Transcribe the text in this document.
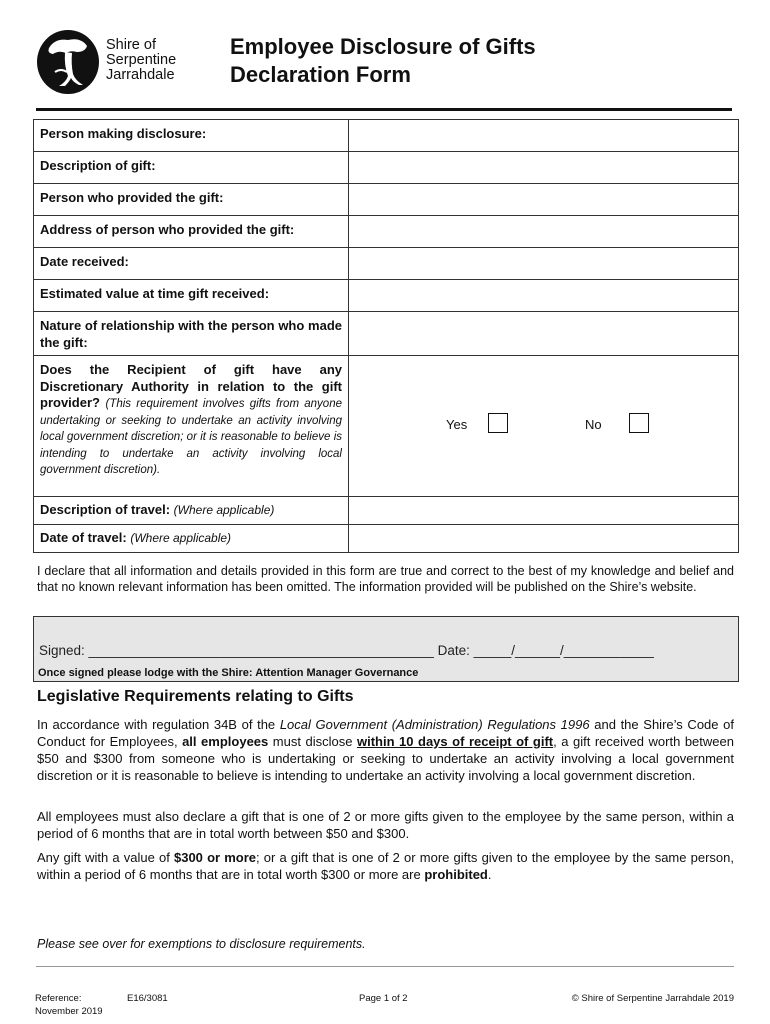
Shire of
Serpentine
Jarrahdale
Employee Disclosure of Gifts
Declaration Form
Person making disclosure:	
Description of gift:	
Person who provided the gift:	
Address of person who provided the gift:	
Date received:	
Estimated value at time gift received:	
Nature of relationship with the person who made the gift:	
Does the Recipient of gift have any Discretionary Authority in relation to the gift provider? (This requirement involves gifts from anyone undertaking or seeking to undertake an activity involving local government discretion; or it is reasonable to believe is intending to undertake an activity involving local government discretion).	Yes No

Description of travel: (Where applicable)	
Date of travel: (Where applicable)	
I declare that all information and details provided in this form are true and correct to the best of my knowledge and belief and that no known relevant information has been omitted. The information provided will be published on the Shire’s website.
Signed: ______________________________________________ Date: _____/______/____________
Once signed please lodge with the Shire: Attention Manager Governance
Legislative Requirements relating to Gifts
In accordance with regulation 34B of the Local Government (Administration) Regulations 1996 and the Shire’s Code of Conduct for Employees, all employees must disclose within 10 days of receipt of gift, a gift received worth between $50 and $300 from someone who is undertaking or seeking to undertake an activity involving a local government discretion or it is reasonable to believe is intending to undertake an activity involving a local government discretion.
All employees must also declare a gift that is one of 2 or more gifts given to the employee by the same person, within a period of 6 months that are in total worth between $50 and $300.
Any gift with a value of $300 or more; or a gift that is one of 2 or more gifts given to the employee by the same person, within a period of 6 months that are in total worth $300 or more are prohibited.
Please see over for exemptions to disclosure requirements.
Reference:
November 2019
E16/3081	Page 1 of 2	© Shire of Serpentine Jarrahdale 2019
